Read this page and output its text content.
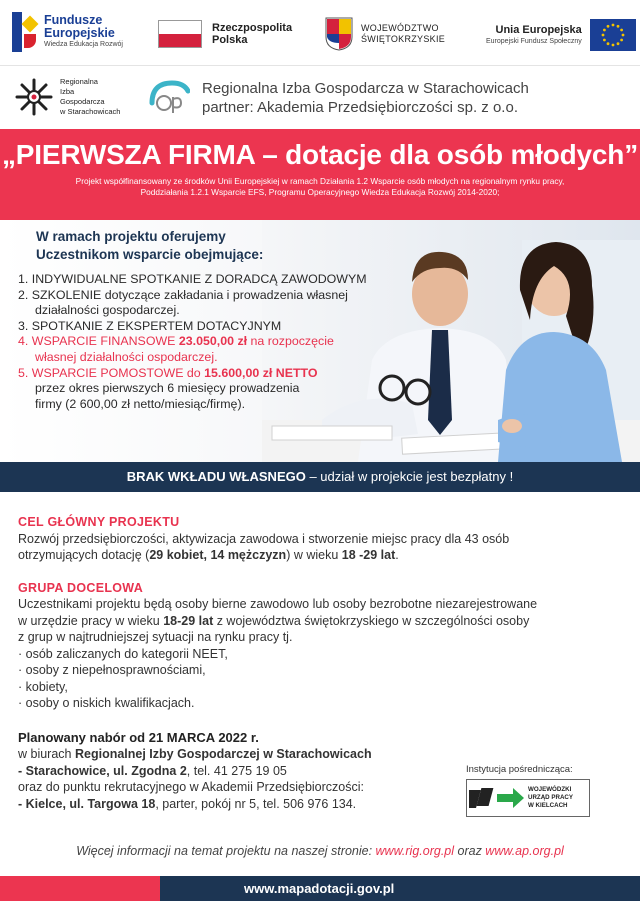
Fundusze
Europejskie
Wiedza Edukacja Rozwój
Rzeczpospolita
Polska
WOJEWÓDZTWO
ŚWIĘTOKRZYSKIE
Unia Europejska
Europejski Fundusz Społeczny
Regionalna
Izba
Gospodarcza
w Starachowicach
Regionalna Izba Gospodarcza w Starachowicach
partner: Akademia Przedsiębiorczości sp. z o.o.
„PIERWSZA FIRMA – dotacje dla osób młodych”
Projekt współfinansowany ze środków Unii Europejskiej w ramach Działania 1.2 Wsparcie osób młodych na regionalnym rynku pracy,
Poddziałania 1.2.1 Wsparcie EFS, Programu Operacyjnego Wiedza Edukacja Rozwój 2014-2020;
W ramach projektu oferujemy
Uczestnikom wsparcie obejmujące:
1. INDYWIDUALNE SPOTKANIE Z DORADCĄ ZAWODOWYM
2. SZKOLENIE dotyczące zakładania i prowadzenia własnej
działalności gospodarczej.
3. SPOTKANIE Z EKSPERTEM DOTACYJNYM
4. WSPARCIE FINANSOWE 23.050,00 zł na rozpoczęcie
własnej działalności ospodarczej.
5. WSPARCIE POMOSTOWE do 15.600,00 zł NETTO
przez okres pierwszych 6 miesięcy prowadzenia
firmy (2 600,00 zł netto/miesiąc/firmę).
BRAK WKŁADU WŁASNEGO – udział w projekcie jest bezpłatny !
CEL GŁÓWNY PROJEKTU
Rozwój przedsiębiorczości, aktywizacja zawodowa i stworzenie miejsc pracy dla 43 osób
otrzymujących dotację (29 kobiet, 14 mężczyzn) w wieku 18 -29 lat.
GRUPA DOCELOWA
Uczestnikami projektu będą osoby bierne zawodowo lub osoby bezrobotne niezarejestrowane
w urzędzie pracy w wieku 18-29 lat z województwa świętokrzyskiego w szczególności osoby
z grup w najtrudniejszej sytuacji na rynku pracy tj.
· osób zaliczanych do kategorii NEET,
· osoby z niepełnosprawnościami,
· kobiety,
· osoby o niskich kwalifikacjach.
Planowany nabór od 21 MARCA 2022 r.
w biurach Regionalnej Izby Gospodarczej w Starachowicach
- Starachowice, ul. Zgodna 2, tel. 41 275 19 05
oraz do punktu rekrutacyjnego w Akademii Przedsiębiorczości:
- Kielce, ul. Targowa 18, parter, pokój nr 5, tel. 506 976 134.
Instytucja pośrednicząca:
WOJEWÓDZKI
URZĄD PRACY
W KIELCACH
Więcej informacji na temat projektu na naszej stronie: www.rig.org.pl oraz www.ap.org.pl
www.mapadotacji.gov.pl
